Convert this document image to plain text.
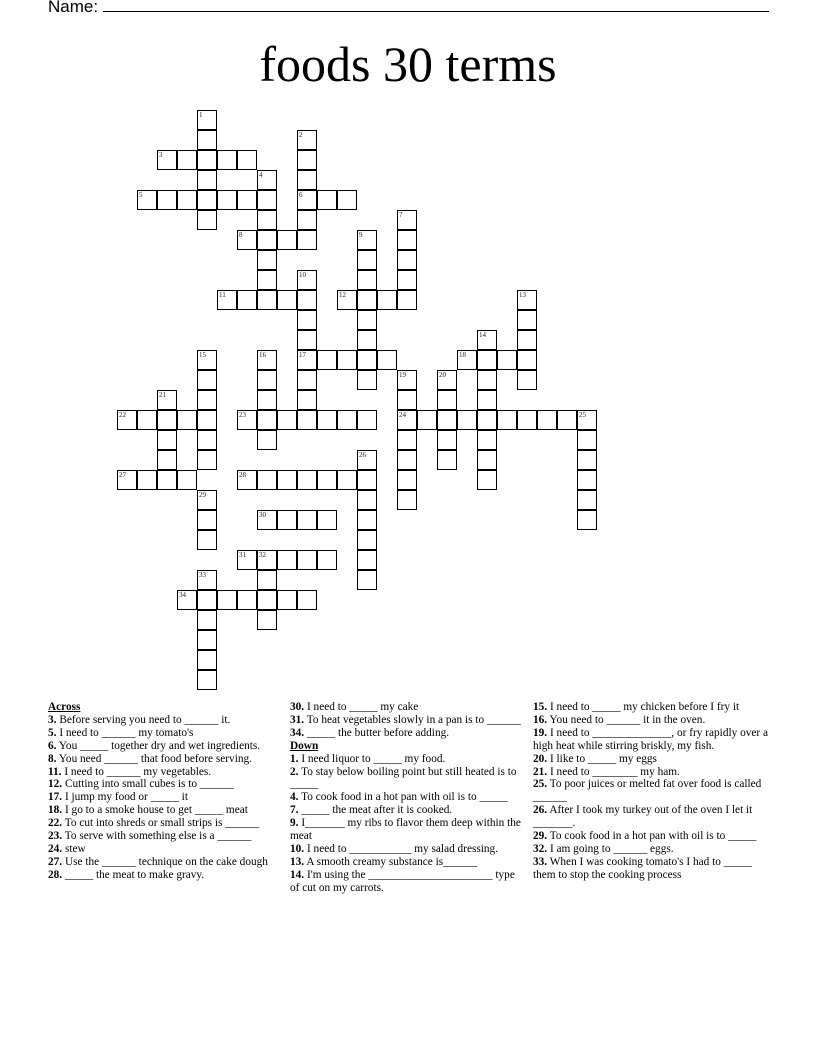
Name:
foods 30 terms
1
2
6
3
4
5
7
8	9
10
17
11	12	13
14
15	16	18
19
24
20
21
22	23	25
26
27	28
29
30
31 32
33
34
Across
3. Before serving you need to ______ it.
5. I need to ______ my tomato's
6. You _____ together dry and wet ingredients.
8. You need ______ that food before serving.
11. I need to ______ my vegetables.
12. Cutting into small cubes is to ______
17. I jump my food or _____ it
18. I go to a smoke house to get _____ meat
22. To cut into shreds or small strips is ______
23. To serve with something else is a ______
24. stew
27. Use the ______ technique on the cake dough
28. _____ the meat to make gravy.
30. I need to _____ my cake
31. To heat vegetables slowly in a pan is to ______
34. _____ the butter before adding.
Down
1. I need liquor to _____ my food.
2. To stay below boiling point but still heated is to _____
4. To cook food in a hot pan with oil is to _____
7. _____ the meat after it is cooked.
9. I_______ my ribs to flavor them deep within the meat
10. I need to ___________ my salad dressing.
13. A smooth creamy substance is______
14. I'm using the ______________________ type of cut on my carrots.
15. I need to _____ my chicken before I fry it
16. You need to ______ it in the oven.
19. I need to ______________, or fry rapidly over a high heat while stirring briskly, my fish.
20. I like to _____ my eggs
21. I need to ________ my ham.
25. To poor juices or melted fat over food is called ______
26. After I took my turkey out of the oven I let it _______.
29. To cook food in a hot pan with oil is to _____
32. I am going to ______ eggs.
33. When I was cooking tomato's I had to _____ them to stop the cooking process
